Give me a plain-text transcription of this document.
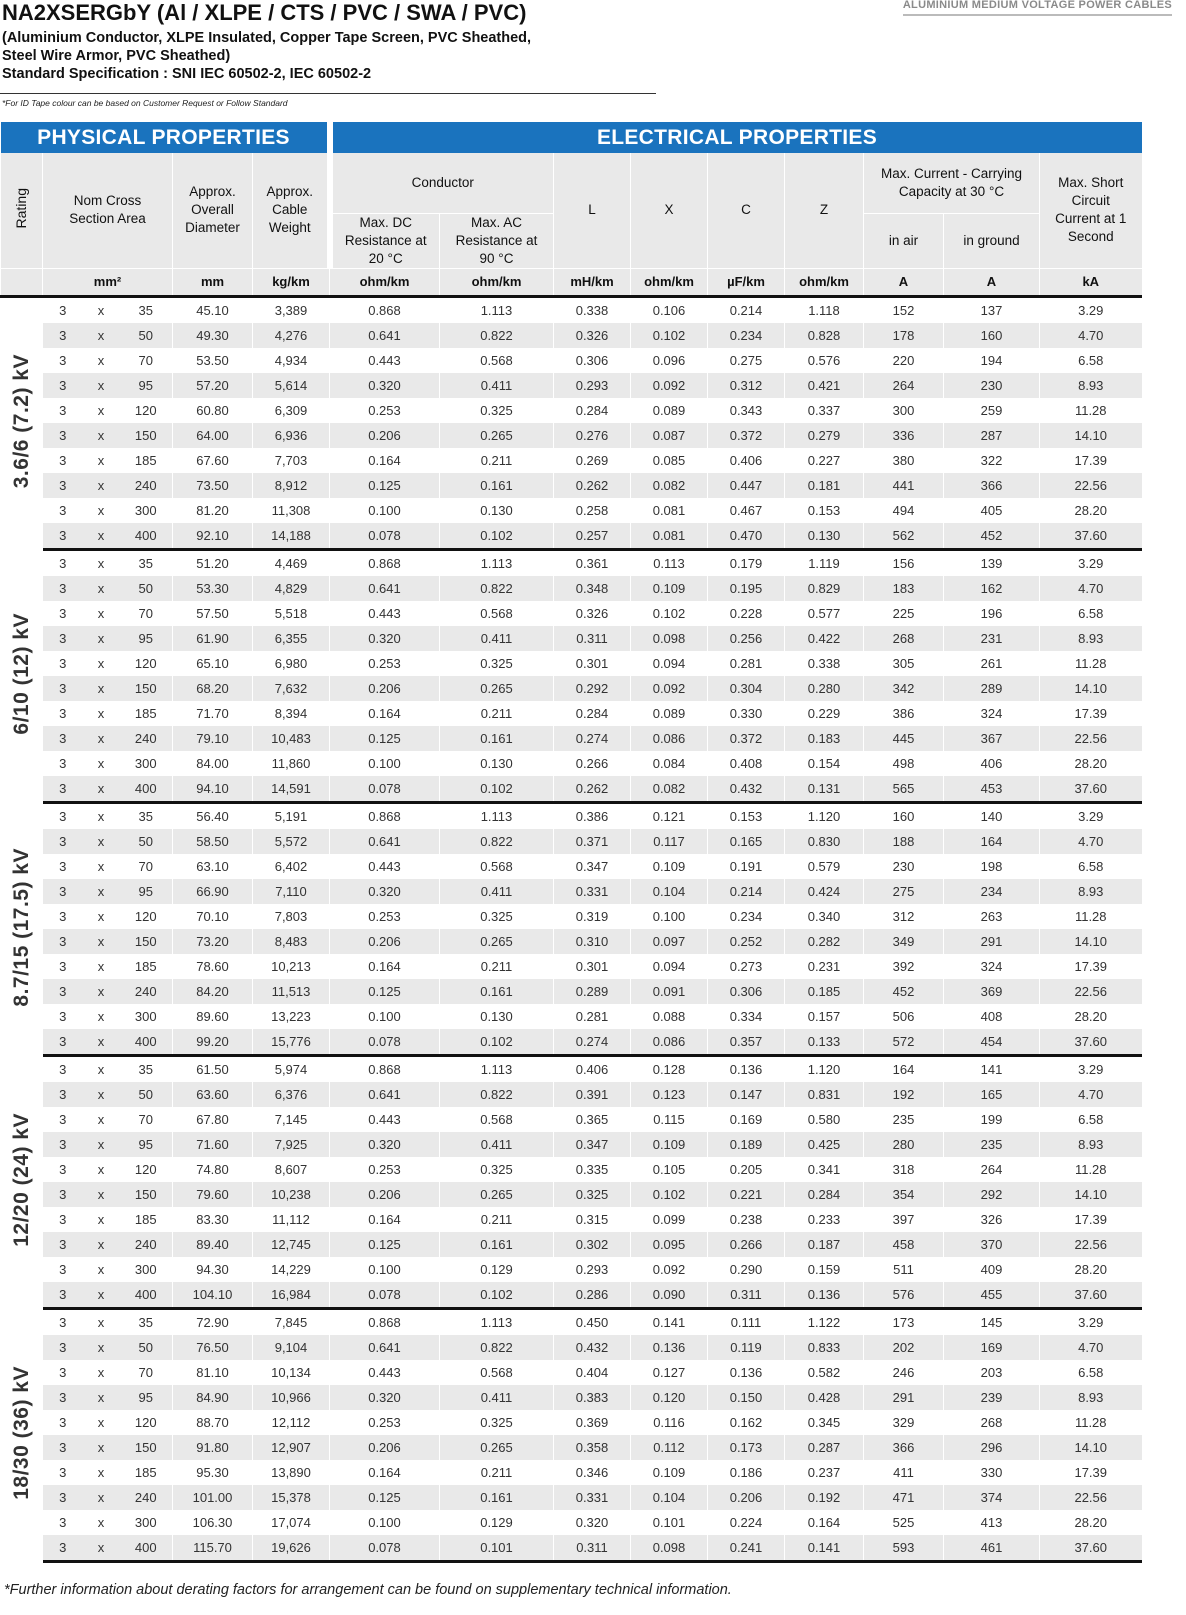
NA2XSERGbY (Al / XLPE / CTS / PVC / SWA / PVC)	ALUMINIUM MEDIUM VOLTAGE POWER CABLES
(Aluminium Conductor, XLPE Insulated, Copper Tape Screen, PVC Sheathed,
Steel Wire Armor, PVC Sheathed)
Standard Specification : SNI IEC 60502-2, IEC 60502-2
*For ID Tape colour can be based on Customer Request or Follow Standard
PHYSICAL PROPERTIES						ELECTRICAL PROPERTIES								
Rating	Nom Cross Section Area			Approx. Overall Diameter	Approx. Cable Weight	Conductor		L	X	C	Z	Max. Current - Carrying Capacity at 30 °C		Max. Short Circuit Current at 1 Second
						Max. DC Resistance at 20 °C	Max. AC Resistance at 90 °C					in air	in ground	
	mm²			mm	kg/km	ohm/km	ohm/km	mH/km	ohm/km	µF/km	ohm/km	A	A	kA
3.6/6 (7.2) kV	3	x	35	45.10	3,389	0.868	1.113	0.338	0.106	0.214	1.118	152	137	3.29
	3	x	50	49.30	4,276	0.641	0.822	0.326	0.102	0.234	0.828	178	160	4.70
	3	x	70	53.50	4,934	0.443	0.568	0.306	0.096	0.275	0.576	220	194	6.58
	3	x	95	57.20	5,614	0.320	0.411	0.293	0.092	0.312	0.421	264	230	8.93
	3	x	120	60.80	6,309	0.253	0.325	0.284	0.089	0.343	0.337	300	259	11.28
	3	x	150	64.00	6,936	0.206	0.265	0.276	0.087	0.372	0.279	336	287	14.10
	3	x	185	67.60	7,703	0.164	0.211	0.269	0.085	0.406	0.227	380	322	17.39
	3	x	240	73.50	8,912	0.125	0.161	0.262	0.082	0.447	0.181	441	366	22.56
	3	x	300	81.20	11,308	0.100	0.130	0.258	0.081	0.467	0.153	494	405	28.20
	3	x	400	92.10	14,188	0.078	0.102	0.257	0.081	0.470	0.130	562	452	37.60
6/10 (12) kV	3	x	35	51.20	4,469	0.868	1.113	0.361	0.113	0.179	1.119	156	139	3.29
	3	x	50	53.30	4,829	0.641	0.822	0.348	0.109	0.195	0.829	183	162	4.70
	3	x	70	57.50	5,518	0.443	0.568	0.326	0.102	0.228	0.577	225	196	6.58
	3	x	95	61.90	6,355	0.320	0.411	0.311	0.098	0.256	0.422	268	231	8.93
	3	x	120	65.10	6,980	0.253	0.325	0.301	0.094	0.281	0.338	305	261	11.28
	3	x	150	68.20	7,632	0.206	0.265	0.292	0.092	0.304	0.280	342	289	14.10
	3	x	185	71.70	8,394	0.164	0.211	0.284	0.089	0.330	0.229	386	324	17.39
	3	x	240	79.10	10,483	0.125	0.161	0.274	0.086	0.372	0.183	445	367	22.56
	3	x	300	84.00	11,860	0.100	0.130	0.266	0.084	0.408	0.154	498	406	28.20
	3	x	400	94.10	14,591	0.078	0.102	0.262	0.082	0.432	0.131	565	453	37.60
8.7/15 (17.5) kV	3	x	35	56.40	5,191	0.868	1.113	0.386	0.121	0.153	1.120	160	140	3.29
	3	x	50	58.50	5,572	0.641	0.822	0.371	0.117	0.165	0.830	188	164	4.70
	3	x	70	63.10	6,402	0.443	0.568	0.347	0.109	0.191	0.579	230	198	6.58
	3	x	95	66.90	7,110	0.320	0.411	0.331	0.104	0.214	0.424	275	234	8.93
	3	x	120	70.10	7,803	0.253	0.325	0.319	0.100	0.234	0.340	312	263	11.28
	3	x	150	73.20	8,483	0.206	0.265	0.310	0.097	0.252	0.282	349	291	14.10
	3	x	185	78.60	10,213	0.164	0.211	0.301	0.094	0.273	0.231	392	324	17.39
	3	x	240	84.20	11,513	0.125	0.161	0.289	0.091	0.306	0.185	452	369	22.56
	3	x	300	89.60	13,223	0.100	0.130	0.281	0.088	0.334	0.157	506	408	28.20
	3	x	400	99.20	15,776	0.078	0.102	0.274	0.086	0.357	0.133	572	454	37.60
12/20 (24) kV	3	x	35	61.50	5,974	0.868	1.113	0.406	0.128	0.136	1.120	164	141	3.29
	3	x	50	63.60	6,376	0.641	0.822	0.391	0.123	0.147	0.831	192	165	4.70
	3	x	70	67.80	7,145	0.443	0.568	0.365	0.115	0.169	0.580	235	199	6.58
	3	x	95	71.60	7,925	0.320	0.411	0.347	0.109	0.189	0.425	280	235	8.93
	3	x	120	74.80	8,607	0.253	0.325	0.335	0.105	0.205	0.341	318	264	11.28
	3	x	150	79.60	10,238	0.206	0.265	0.325	0.102	0.221	0.284	354	292	14.10
	3	x	185	83.30	11,112	0.164	0.211	0.315	0.099	0.238	0.233	397	326	17.39
	3	x	240	89.40	12,745	0.125	0.161	0.302	0.095	0.266	0.187	458	370	22.56
	3	x	300	94.30	14,229	0.100	0.129	0.293	0.092	0.290	0.159	511	409	28.20
	3	x	400	104.10	16,984	0.078	0.102	0.286	0.090	0.311	0.136	576	455	37.60
18/30 (36) kV	3	x	35	72.90	7,845	0.868	1.113	0.450	0.141	0.111	1.122	173	145	3.29
	3	x	50	76.50	9,104	0.641	0.822	0.432	0.136	0.119	0.833	202	169	4.70
	3	x	70	81.10	10,134	0.443	0.568	0.404	0.127	0.136	0.582	246	203	6.58
	3	x	95	84.90	10,966	0.320	0.411	0.383	0.120	0.150	0.428	291	239	8.93
	3	x	120	88.70	12,112	0.253	0.325	0.369	0.116	0.162	0.345	329	268	11.28
	3	x	150	91.80	12,907	0.206	0.265	0.358	0.112	0.173	0.287	366	296	14.10
	3	x	185	95.30	13,890	0.164	0.211	0.346	0.109	0.186	0.237	411	330	17.39
	3	x	240	101.00	15,378	0.125	0.161	0.331	0.104	0.206	0.192	471	374	22.56
	3	x	300	106.30	17,074	0.100	0.129	0.320	0.101	0.224	0.164	525	413	28.20
	3	x	400	115.70	19,626	0.078	0.101	0.311	0.098	0.241	0.141	593	461	37.60
*Further information about derating factors for arrangement can be found on supplementary technical information.
